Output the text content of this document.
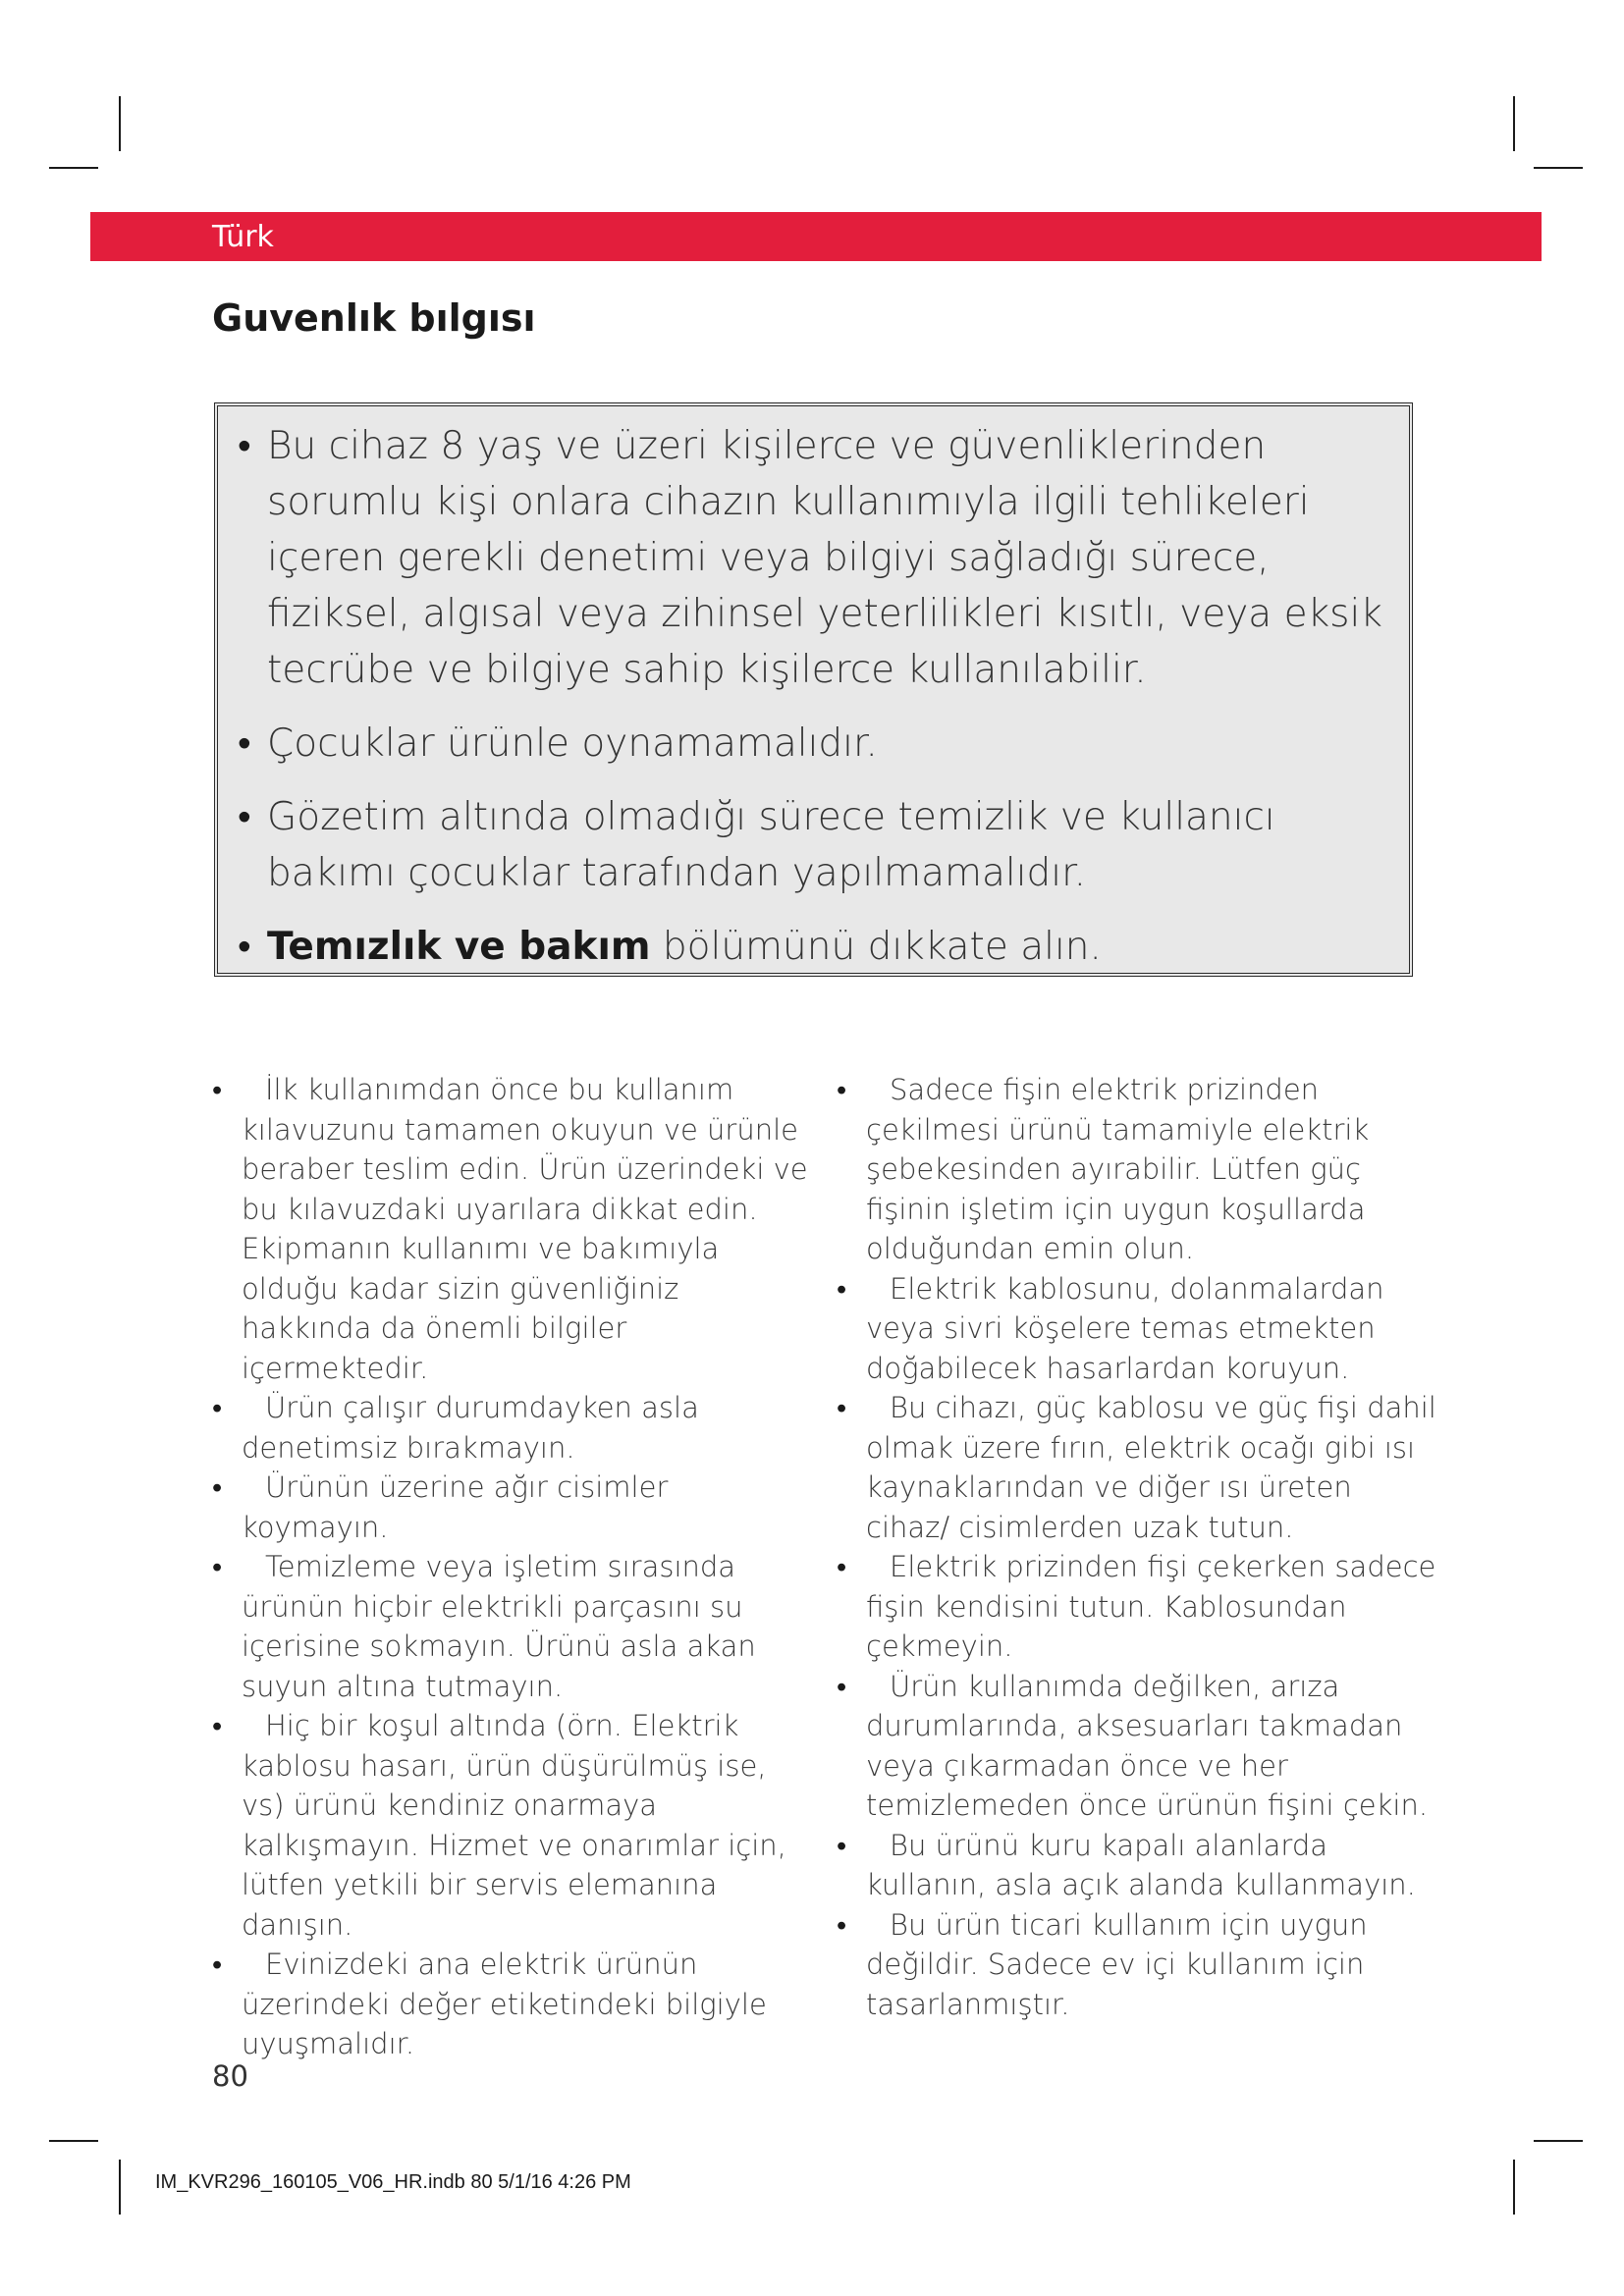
Türk
Guvenlık bılgısı
• Bu cihaz 8 yaş ve üzeri kişilerce ve güvenliklerinden sorumlu kişi onlara cihazın kullanımıyla ilgili tehlikeleri içeren gerekli denetimi veya bilgiyi sağladığı sürece, fiziksel, algısal veya zihinsel yeterlilikleri kısıtlı, veya eksik tecrübe ve bilgiye sahip kişilerce kullanılabilir.
• Çocuklar ürünle oynamamalıdır.
• Gözetim altında olmadığı sürece temizlik ve kullanıcı bakımı çocuklar tarafından yapılmamalıdır.
• Temızlık ve bakım bölümünü dıkkate alın.
• İlk kullanımdan önce bu kullanım kılavuzunu tamamen okuyun ve ürünle beraber teslim edin. Ürün üzerindeki ve bu kılavuzdaki uyarılara dikkat edin. Ekipmanın kullanımı ve bakımıyla olduğu kadar sizin güvenliğiniz hakkında da önemli bilgiler içermektedir.
• Ürün çalışır durumdayken asla denetimsiz bırakmayın.
• Ürünün üzerine ağır cisimler koymayın.
• Temizleme veya işletim sırasında ürünün hiçbir elektrikli parçasını su içerisine sokmayın. Ürünü asla akan suyun altına tutmayın.
• Hiç bir koşul altında (örn. Elektrik kablosu hasarı, ürün düşürülmüş ise, vs) ürünü kendiniz onarmaya kalkışmayın. Hizmet ve onarımlar için, lütfen yetkili bir servis elemanına danışın.
• Evinizdeki ana elektrik ürünün üzerindeki değer etiketindeki bilgiyle uyuşmalıdır.
• Sadece fişin elektrik prizinden çekilmesi ürünü tamamiyle elektrik şebekesinden ayırabilir. Lütfen güç fişinin işletim için uygun koşullarda olduğundan emin olun.
• Elektrik kablosunu, dolanmalardan veya sivri köşelere temas etmekten doğabilecek hasarlardan koruyun.
• Bu cihazı, güç kablosu ve güç fişi dahil olmak üzere fırın, elektrik ocağı gibi ısı kaynaklarından ve diğer ısı üreten cihaz/ cisimlerden uzak tutun.
• Elektrik prizinden fişi çekerken sadece fişin kendisini tutun. Kablosundan çekmeyin.
• Ürün kullanımda değilken, arıza durumlarında, aksesuarları takmadan veya çıkarmadan önce ve her temizlemeden önce ürünün fişini çekin.
• Bu ürünü kuru kapalı alanlarda kullanın, asla açık alanda kullanmayın.
• Bu ürün ticari kullanım için uygun değildir. Sadece ev içi kullanım için tasarlanmıştır.
80
IM_KVR296_160105_V06_HR.indb 80 5/1/16 4:26 PM
